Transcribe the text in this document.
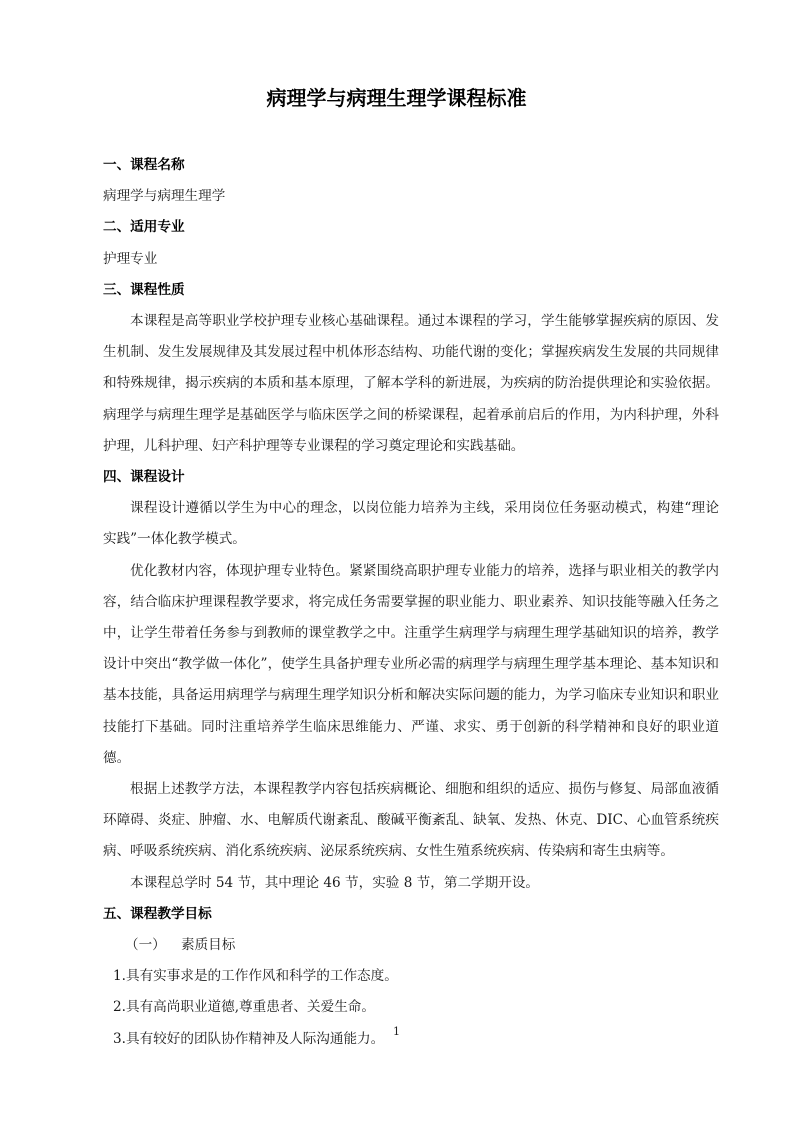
病理学与病理生理学课程标准

一、课程名称

病理学与病理生理学

二、适用专业

护理专业

三、课程性质

本课程是高等职业学校护理专业核心基础课程。通过本课程的学习，学生能够掌握疾病的原因、发生机制、发生发展规律及其发展过程中机体形态结构、功能代谢的变化；掌握疾病发生发展的共同规律和特殊规律，揭示疾病的本质和基本原理，了解本学科的新进展，为疾病的防治提供理论和实验依据。病理学与病理生理学是基础医学与临床医学之间的桥梁课程，起着承前启后的作用，为内科护理，外科护理，儿科护理、妇产科护理等专业课程的学习奠定理论和实践基础。

四、课程设计

课程设计遵循以学生为中心的理念，以岗位能力培养为主线，采用岗位任务驱动模式，构建“理论实践”一体化教学模式。

优化教材内容，体现护理专业特色。紧紧围绕高职护理专业能力的培养，选择与职业相关的教学内容，结合临床护理课程教学要求，将完成任务需要掌握的职业能力、职业素养、知识技能等融入任务之中，让学生带着任务参与到教师的课堂教学之中。注重学生病理学与病理生理学基础知识的培养，教学设计中突出“教学做一体化”，使学生具备护理专业所必需的病理学与病理生理学基本理论、基本知识和基本技能，具备运用病理学与病理生理学知识分析和解决实际问题的能力，为学习临床专业知识和职业技能打下基础。同时注重培养学生临床思维能力、严谨、求实、勇于创新的科学精神和良好的职业道德。

根据上述教学方法，本课程教学内容包括疾病概论、细胞和组织的适应、损伤与修复、局部血液循环障碍、炎症、肿瘤、水、电解质代谢紊乱、酸碱平衡紊乱、缺氧、发热、休克、DIC、心血管系统疾病、呼吸系统疾病、消化系统疾病、泌尿系统疾病、女性生殖系统疾病、传染病和寄生虫病等。

本课程总学时 54 节，其中理论 46 节，实验 8 节，第二学期开设。

五、课程教学目标

（一） 素质目标

1.具有实事求是的工作作风和科学的工作态度。

2.具有高尚职业道德,尊重患者、关爱生命。

3.具有较好的团队协作精神及人际沟通能力。 1
